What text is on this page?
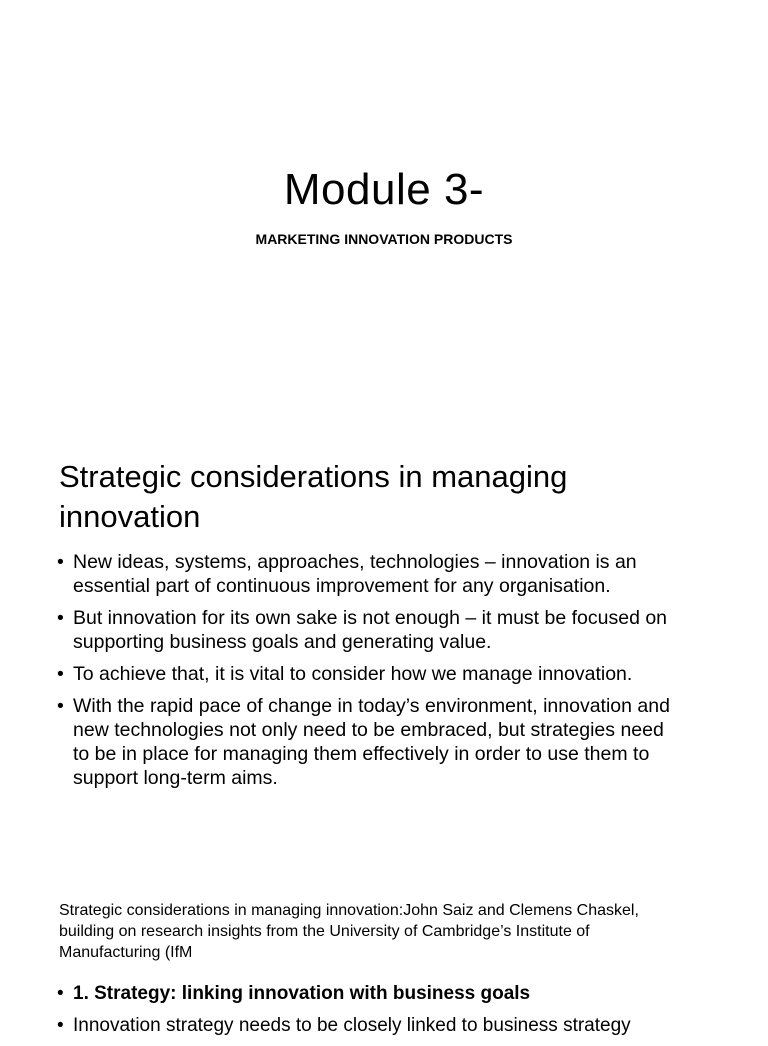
Module 3-
MARKETING INNOVATION PRODUCTS
Strategic considerations in managing
innovation
• New ideas, systems, approaches, technologies – innovation is an
essential part of continuous improvement for any organisation.
• But innovation for its own sake is not enough – it must be focused on
supporting business goals and generating value.
• To achieve that, it is vital to consider how we manage innovation.
• With the rapid pace of change in today’s environment, innovation and
new technologies not only need to be embraced, but strategies need
to be in place for managing them effectively in order to use them to
support long-term aims.
Strategic considerations in managing innovation:John Saiz and Clemens Chaskel,
building on research insights from the University of Cambridge’s Institute of
Manufacturing (IfM
• 1. Strategy: linking innovation with business goals
• Innovation strategy needs to be closely linked to business strategy
